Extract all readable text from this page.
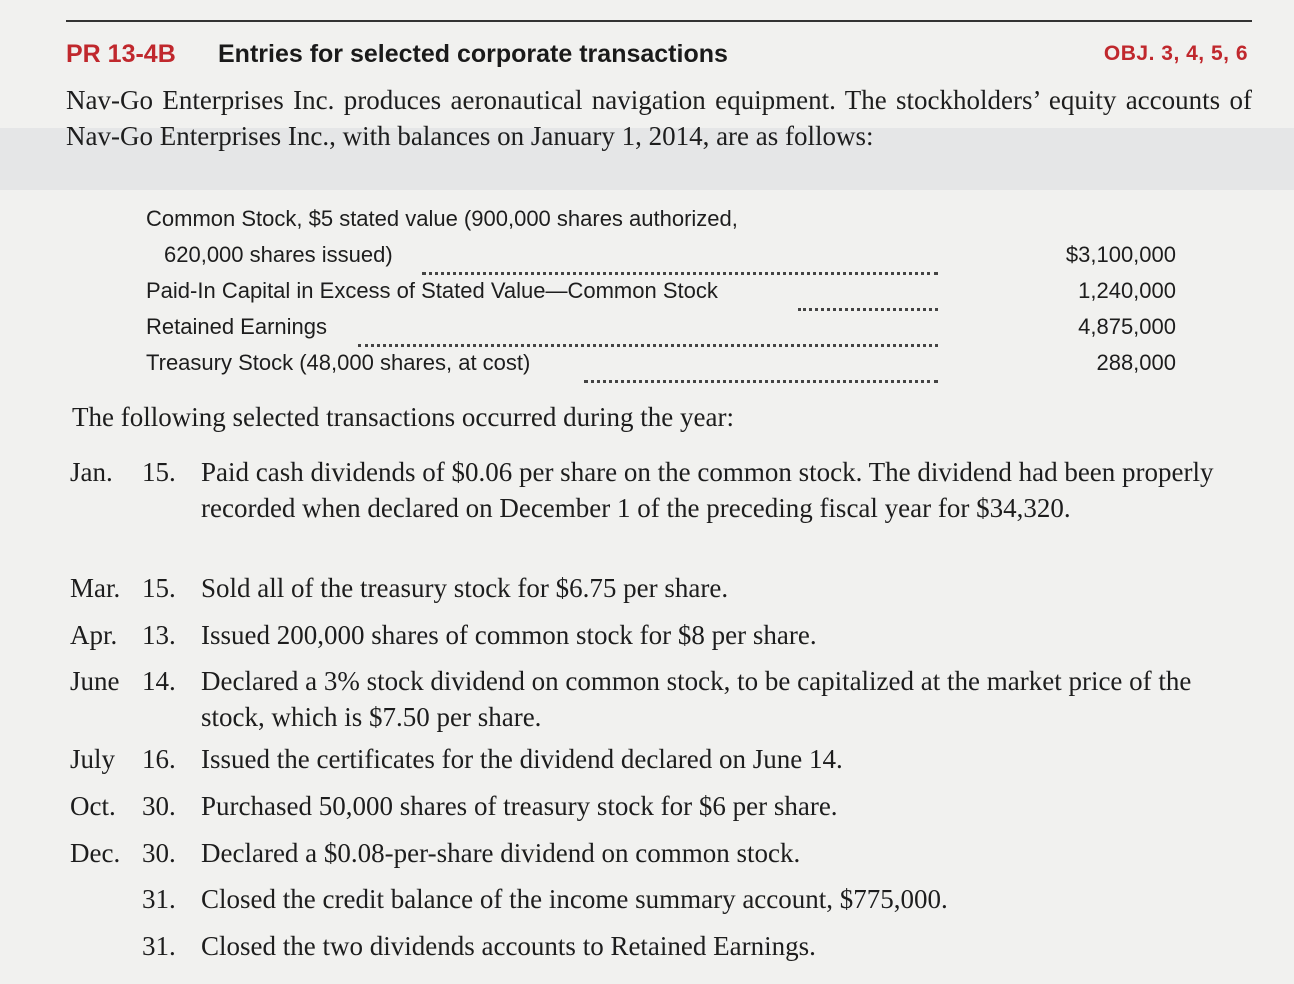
PR 13-4B Entries for selected corporate transactions	OBJ. 3, 4, 5, 6
Nav-Go Enterprises Inc. produces aeronautical navigation equipment. The stockholders’ equity accounts of Nav-Go Enterprises Inc., with balances on January 1, 2014, are as follows:
Common Stock, $5 stated value (900,000 shares authorized,
620,000 shares issued)	$3,100,000
Paid-In Capital in Excess of Stated Value—Common Stock	1,240,000
Retained Earnings	4,875,000
Treasury Stock (48,000 shares, at cost)	288,000
The following selected transactions occurred during the year:
Jan.	15. Paid cash dividends of $0.06 per share on the common stock. The dividend had been properly recorded when declared on December 1 of the preceding fiscal year for $34,320.
Mar. 15. Sold all of the treasury stock for $6.75 per share.
Apr. 13. Issued 200,000 shares of common stock for $8 per share.
June 14. Declared a 3% stock dividend on common stock, to be capitalized at the market price of the stock, which is $7.50 per share.
July 16. Issued the certificates for the dividend declared on June 14.
Oct. 30. Purchased 50,000 shares of treasury stock for $6 per share.
Dec. 30. Declared a $0.08-per-share dividend on common stock.
31. Closed the credit balance of the income summary account, $775,000.
31. Closed the two dividends accounts to Retained Earnings.
